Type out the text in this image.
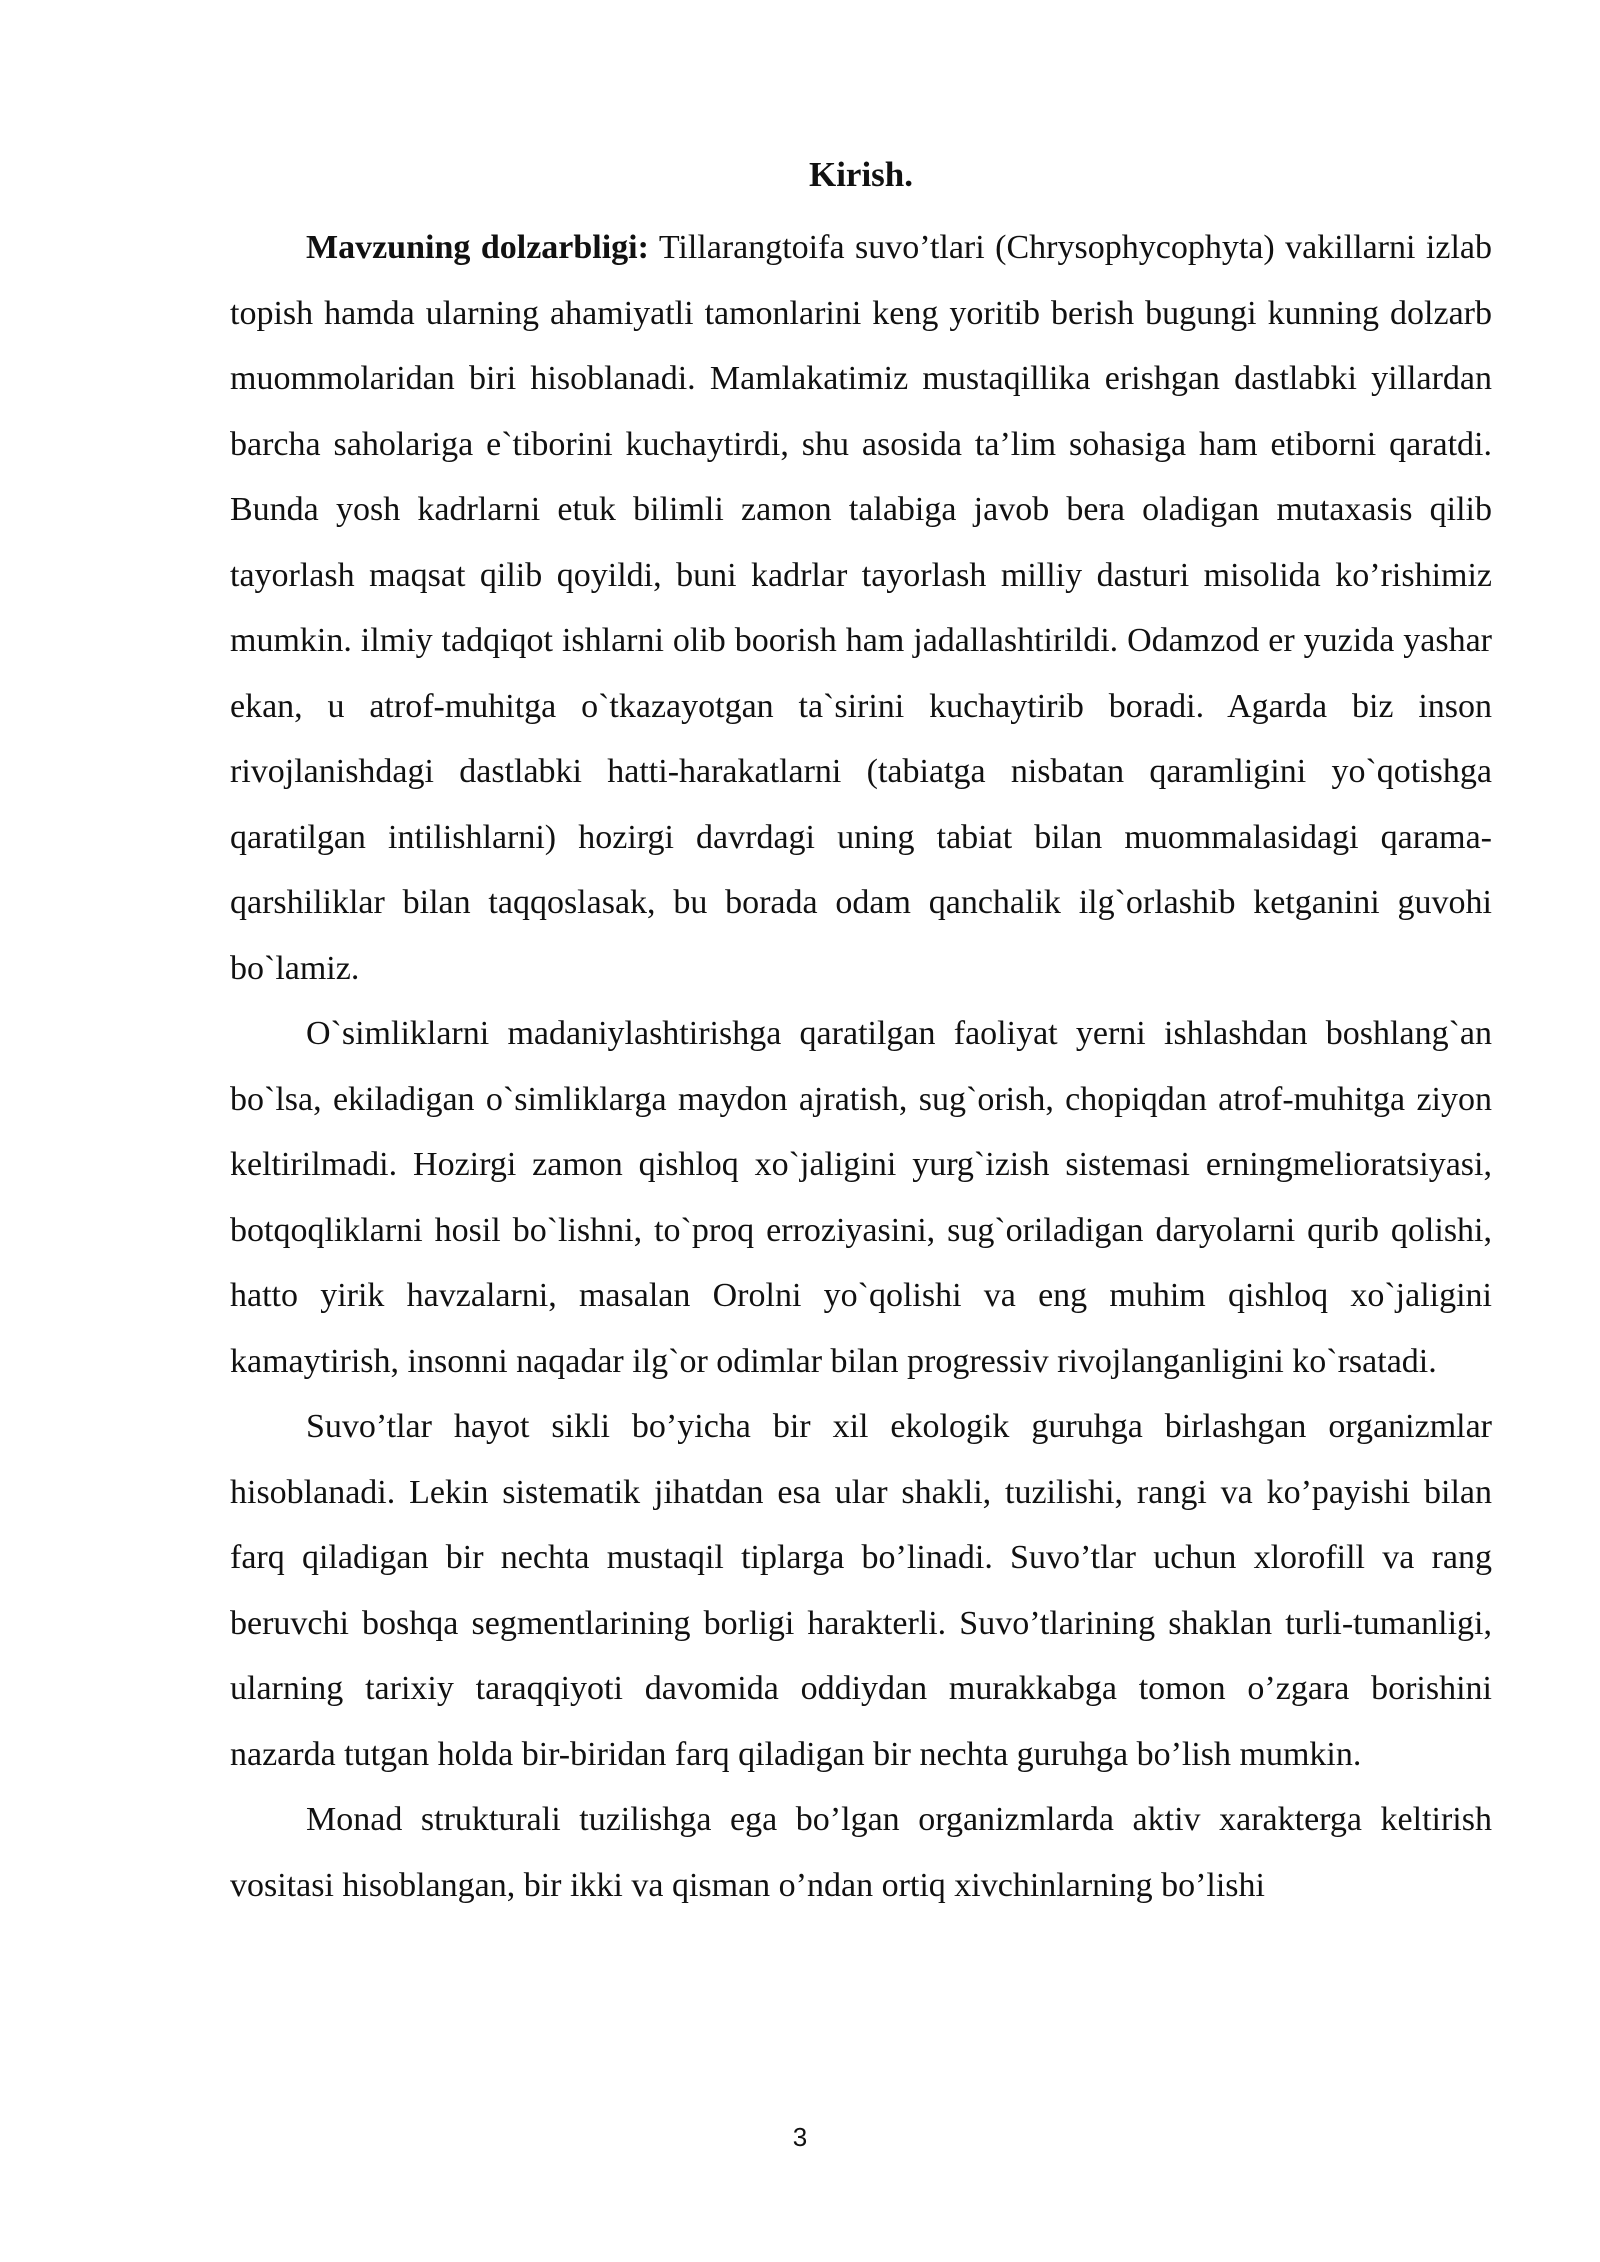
Kirish.

Mavzuning dolzarbligi: Tillarangtoifa suvo’tlari (Chrysophycophyta) vakillarni izlab topish hamda ularning ahamiyatli tamonlarini keng yoritib berish bugungi kunning dolzarb muommolaridan biri hisoblanadi. Mamlakatimiz mustaqillika erishgan dastlabki yillardan barcha saholariga e`tiborini kuchaytirdi, shu asosida ta’lim sohasiga ham etiborni qaratdi. Bunda yosh kadrlarni etuk bilimli zamon talabiga javob bera oladigan mutaxasis qilib tayorlash maqsat qilib qoyildi, buni kadrlar tayorlash milliy dasturi misolida ko’rishimiz mumkin. ilmiy tadqiqot ishlarni olib boorish ham jadallashtirildi. Odamzod er yuzida yashar ekan, u atrof-muhitga o`tkazayotgan ta`sirini kuchaytirib boradi. Agarda biz inson rivojlanishdagi dastlabki hatti-harakatlarni (tabiatga nisbatan qaramligini yo`qotishga qaratilgan intilishlarni) hozirgi davrdagi uning tabiat bilan muommalasidagi qarama-qarshiliklar bilan taqqoslasak, bu borada odam qanchalik ilg`orlashib ketganini guvohi bo`lamiz.

O`simliklarni madaniylashtirishga qaratilgan faoliyat yerni ishlashdan boshlang`an bo`lsa, ekiladigan o`simliklarga maydon ajratish, sug`orish, chopiqdan atrof-muhitga ziyon keltirilmadi. Hozirgi zamon qishloq xo`jaligini yurg`izish sistemasi erningmelioratsiyasi, botqoqliklarni hosil bo`lishni, to`proq erroziyasini, sug`oriladigan daryolarni qurib qolishi, hatto yirik havzalarni, masalan Orolni yo`qolishi va eng muhim qishloq xo`jaligini kamaytirish, insonni naqadar ilg`or odimlar bilan progressiv rivojlanganligini ko`rsatadi.

Suvo’tlar hayot sikli bo’yicha bir xil ekologik guruhga birlashgan organizmlar hisoblanadi. Lekin sistematik jihatdan esa ular shakli, tuzilishi, rangi va ko’payishi bilan farq qiladigan bir nechta mustaqil tiplarga bo’linadi. Suvo’tlar uchun xlorofill va rang beruvchi boshqa segmentlarining borligi harakterli. Suvo’tlarining shaklan turli-tumanligi, ularning tarixiy taraqqiyoti davomida oddiydan murakkabga tomon o’zgara borishini nazarda tutgan holda bir-biridan farq qiladigan bir nechta guruhga bo’lish mumkin.

Monad strukturali tuzilishga ega bo’lgan organizmlarda aktiv xarakterga keltirish vositasi hisoblangan, bir ikki va qisman o’ndan ortiq xivchinlarning bo’lishi

3
